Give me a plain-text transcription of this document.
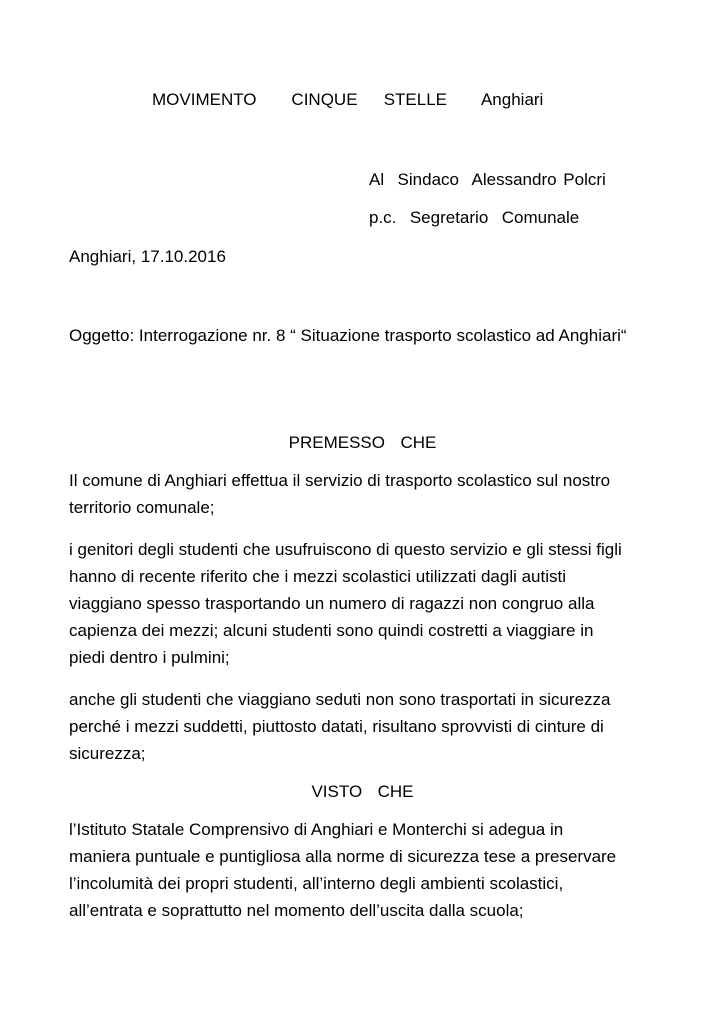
MOVIMENTO    CINQUE   STELLE    Anghiari
Al  Sindaco  Alessandro Polcri
p.c.  Segretario  Comunale
Anghiari, 17.10.2016
Oggetto: Interrogazione nr. 8 “ Situazione trasporto scolastico ad Anghiari“
PREMESSO  CHE
Il comune di Anghiari effettua il servizio di trasporto scolastico sul nostro
territorio comunale;
i genitori degli studenti che usufruiscono di questo servizio e gli stessi figli
hanno di recente riferito che i mezzi scolastici utilizzati dagli autisti
viaggiano spesso trasportando un numero di ragazzi non congruo alla
capienza dei mezzi; alcuni studenti sono quindi costretti a viaggiare in
piedi dentro i pulmini;
anche gli studenti che viaggiano seduti non sono trasportati in sicurezza
perché i mezzi suddetti, piuttosto datati, risultano sprovvisti di cinture di
sicurezza;
VISTO  CHE
l’Istituto Statale Comprensivo di Anghiari e Monterchi si adegua in
maniera puntuale e puntigliosa alla norme di sicurezza tese a preservare
l’incolumità dei propri studenti, all’interno degli ambienti scolastici,
all’entrata e soprattutto nel momento dell’uscita dalla scuola;
